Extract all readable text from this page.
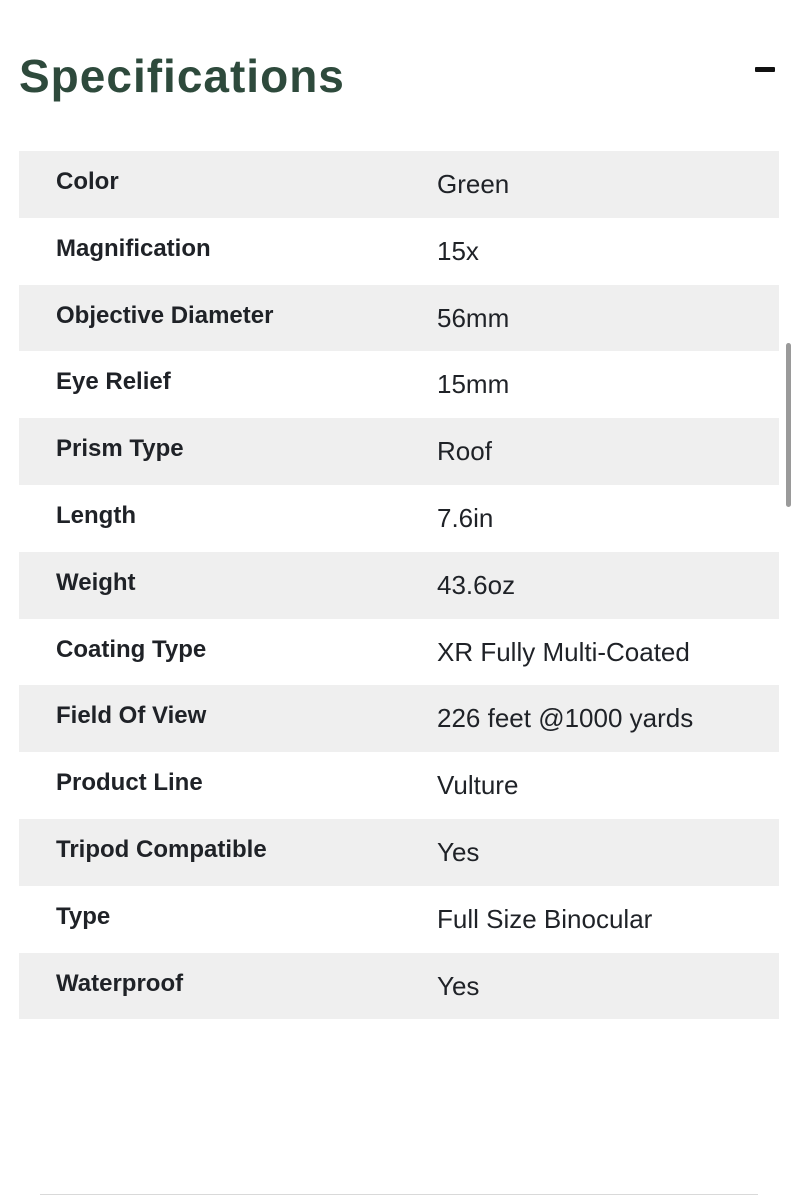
Specifications
Color	Green
Magnification	15x
Objective Diameter	56mm
Eye Relief	15mm
Prism Type	Roof
Length	7.6in
Weight	43.6oz
Coating Type	XR Fully Multi-Coated
Field Of View	226 feet @1000 yards
Product Line	Vulture
Tripod Compatible	Yes
Type	Full Size Binocular
Waterproof	Yes
